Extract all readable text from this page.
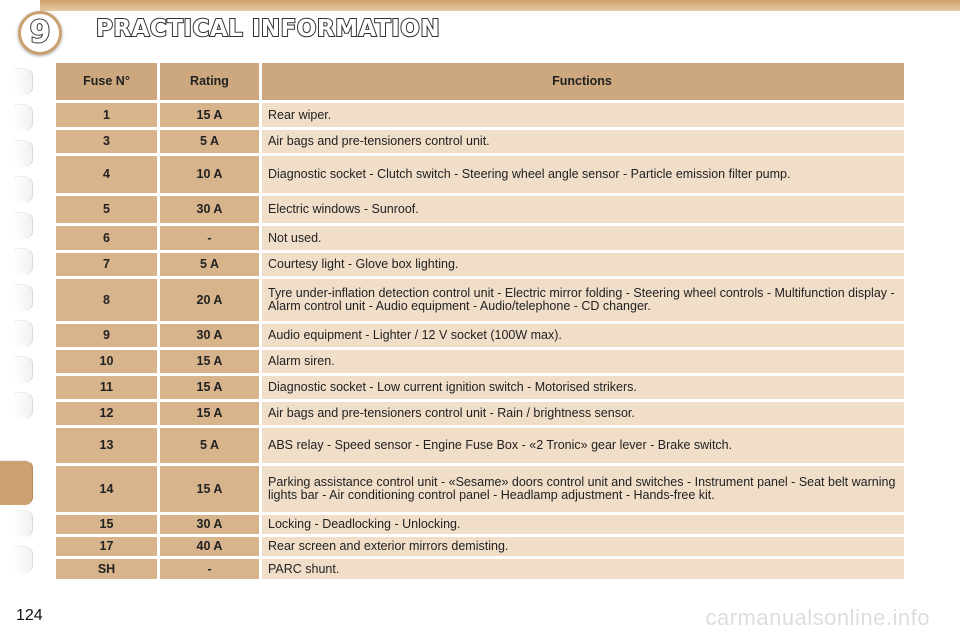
9 PRACTICAL INFORMATION
Fuse N°	Rating	Functions
1	15 A	Rear wiper.
3	5 A	Air bags and pre-tensioners control unit.
4	10 A	Diagnostic socket - Clutch switch - Steering wheel angle sensor - Particle emission filter pump.
5	30 A	Electric windows - Sunroof.
6	-	Not used.
7	5 A	Courtesy light - Glove box lighting.
8	20 A	Tyre under-inflation detection control unit - Electric mirror folding - Steering wheel controls - Multifunction display - Alarm control unit - Audio equipment - Audio/telephone - CD changer.
9	30 A	Audio equipment - Lighter / 12 V socket (100W max).
10	15 A	Alarm siren.
11	15 A	Diagnostic socket - Low current ignition switch - Motorised strikers.
12	15 A	Air bags and pre-tensioners control unit - Rain / brightness sensor.
13	5 A	ABS relay - Speed sensor - Engine Fuse Box - «2 Tronic» gear lever - Brake switch.
14	15 A	Parking assistance control unit - «Sesame» doors control unit and switches - Instrument panel - Seat belt warning lights bar - Air conditioning control panel - Headlamp adjustment - Hands-free kit.
15	30 A	Locking - Deadlocking - Unlocking.
17	40 A	Rear screen and exterior mirrors demisting.
SH	-	PARC shunt.
124	carmanualsonline.info
